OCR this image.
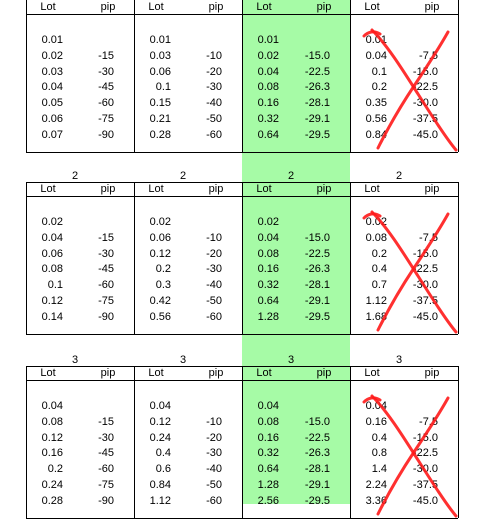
Lot	pip
0.01
0.02	-15
0.03	-30
0.04	-45
0.05	-60
0.06	-75
0.07	-90
Lot	pip
0.01
0.03	-10
0.06	-20
0.1	-30
0.15	-40
0.21	-50
0.28	-60
Lot	pip
0.01
0.02	-15.0
0.04	-22.5
0.08	-26.3
0.16	-28.1
0.32	-29.1
0.64	-29.5
Lot	pip
0.01
0.04	-7.5
0.1	-15.0
0.2	-22.5
0.35	-30.0
0.56	-37.5
0.84	-45.0
2	2	2	2
Lot	pip
0.02
0.04	-15
0.06	-30
0.08	-45
0.1	-60
0.12	-75
0.14	-90
Lot	pip
0.02
0.06	-10
0.12	-20
0.2	-30
0.3	-40
0.42	-50
0.56	-60
Lot	pip
0.02
0.04	-15.0
0.08	-22.5
0.16	-26.3
0.32	-28.1
0.64	-29.1
1.28	-29.5
Lot	pip
0.02
0.08	-7.5
0.2	-15.0
0.4	-22.5
0.7	-30.0
1.12	-37.5
1.68	-45.0
3	3	3	3
Lot	pip
0.04
0.08	-15
0.12	-30
0.16	-45
0.2	-60
0.24	-75
0.28	-90
Lot	pip
0.04
0.12	-10
0.24	-20
0.4	-30
0.6	-40
0.84	-50
1.12	-60
Lot	pip
0.04
0.08	-15.0
0.16	-22.5
0.32	-26.3
0.64	-28.1
1.28	-29.1
2.56	-29.5
Lot	pip
0.04
0.16	-7.5
0.4	-15.0
0.8	-22.5
1.4	-30.0
2.24	-37.5
3.36	-45.0
